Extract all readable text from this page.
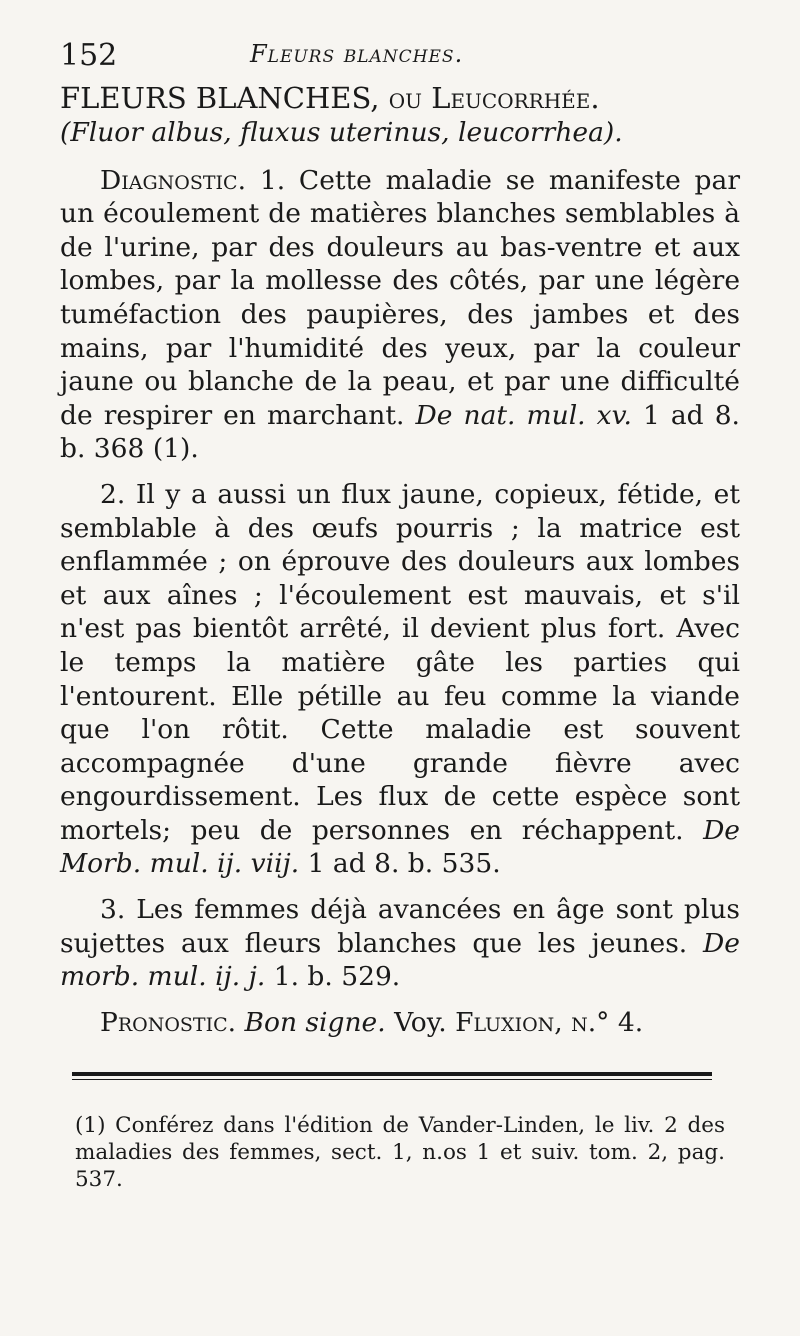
152	Fleurs blanches.
FLEURS BLANCHES, ou Leucorrhée.

(Fluor albus, fluxus uterinus, leucorrhea).

Diagnostic. 1. Cette maladie se manifeste par un écoulement de matières blanches semblables à de l'urine, par des douleurs au bas-ventre et aux lombes, par la mollesse des côtés, par une légère tuméfaction des paupières, des jambes et des mains, par l'humidité des yeux, par la couleur jaune ou blanche de la peau, et par une difficulté de respirer en marchant. De nat. mul. xv. 1 ad 8. b. 368 (1).

2. Il y a aussi un flux jaune, copieux, fétide, et semblable à des œufs pourris ; la matrice est enflammée ; on éprouve des douleurs aux lombes et aux aînes ; l'écoulement est mauvais, et s'il n'est pas bientôt arrêté, il devient plus fort. Avec le temps la matière gâte les parties qui l'entourent. Elle pétille au feu comme la viande que l'on rôtit. Cette maladie est souvent accompagnée d'une grande fièvre avec engourdissement. Les flux de cette espèce sont mortels; peu de personnes en réchappent. De Morb. mul. ij. viij. 1 ad 8. b. 535.

3. Les femmes déjà avancées en âge sont plus sujettes aux fleurs blanches que les jeunes. De morb. mul. ij. j. 1. b. 529.

Pronostic. Bon signe. Voy. Fluxion, n.° 4.

(1) Conférez dans l'édition de Vander-Linden, le liv. 2 des maladies des femmes, sect. 1, n.os 1 et suiv. tom. 2, pag. 537.
